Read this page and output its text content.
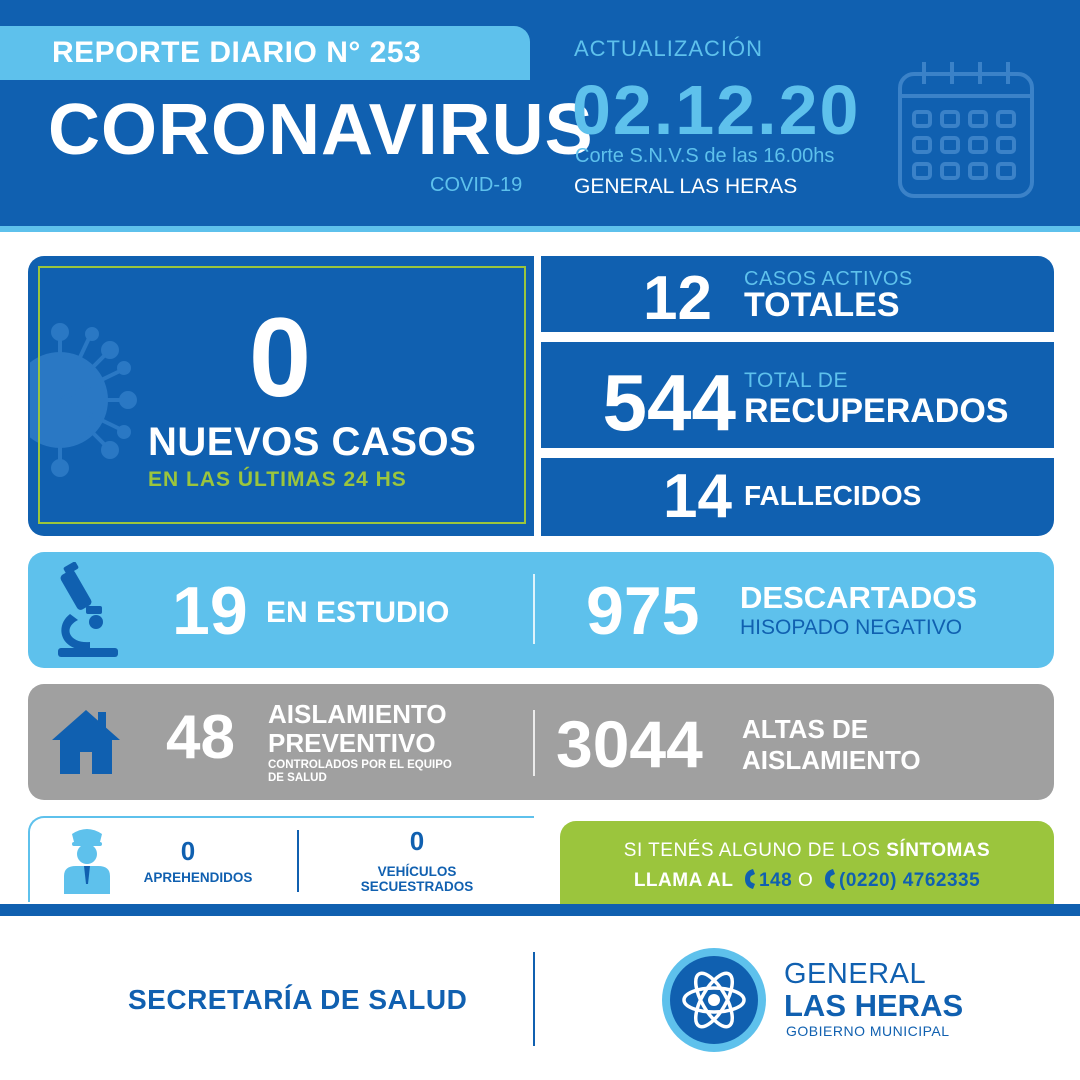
REPORTE DIARIO N° 253
CORONAVIRUS
COVID-19
ACTUALIZACIÓN
02.12.20
Corte S.N.V.S de las 16.00hs
GENERAL LAS HERAS
0
NUEVOS CASOS
EN LAS ÚLTIMAS 24 HS
12 CASOS ACTIVOS
TOTALES
544 TOTAL DE
RECUPERADOS
14 FALLECIDOS
19 EN ESTUDIO 975 DESCARTADOS
HISOPADO NEGATIVO
48 AISLAMIENTO PREVENTIVO
CONTROLADOS POR EL EQUIPO DE SALUD	3044 ALTAS DE AISLAMIENTO
0
APREHENDIDOS
0
VEHÍCULOS SECUESTRADOS
SI TENÉS ALGUNO DE LOS SÍNTOMAS
LLAMA AL 148 O (0220) 4762335
SECRETARÍA DE SALUD
GENERAL
LAS HERAS
GOBIERNO MUNICIPAL
